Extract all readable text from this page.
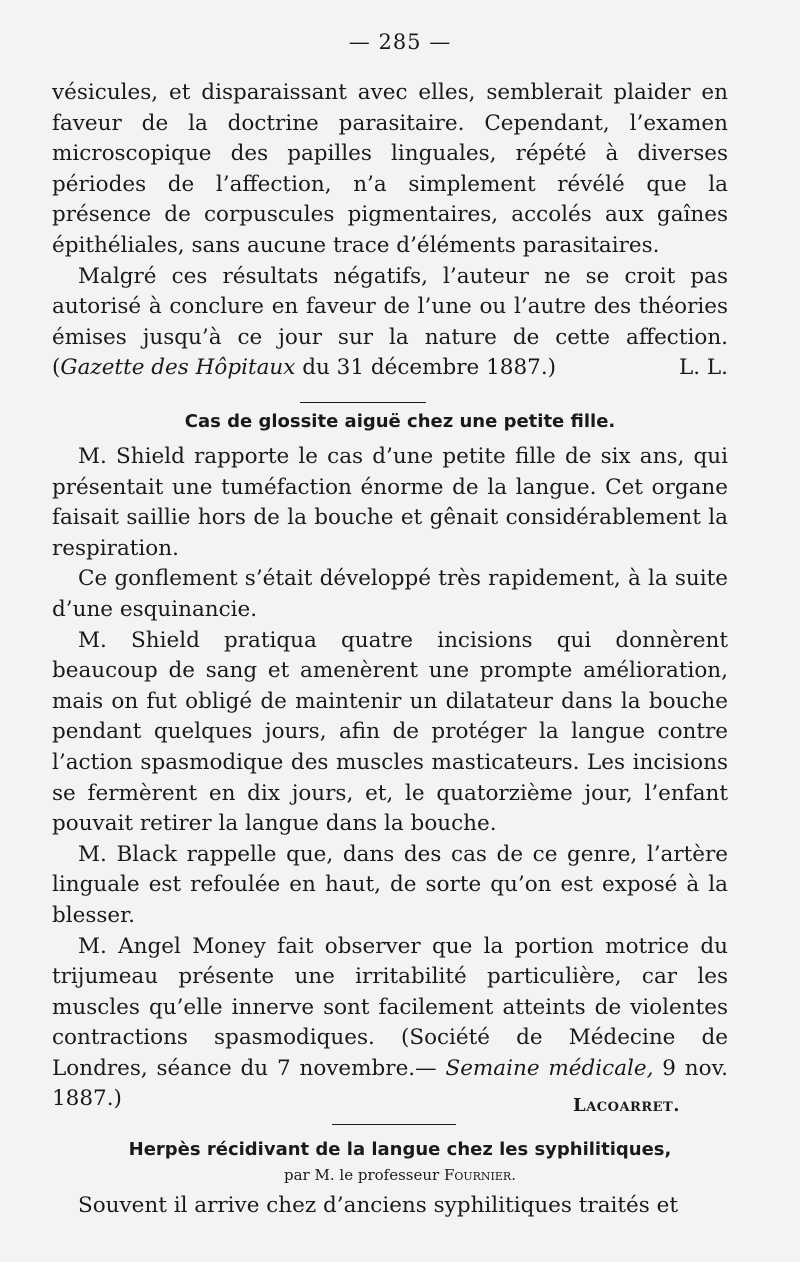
— 285 —

vésicules, et disparaissant avec elles, semblerait plaider en faveur de la doctrine parasitaire. Cependant, l’examen microscopique des papilles linguales, répété à diverses périodes de l’affection, n’a simplement révélé que la présence de corpuscules pigmentaires, accolés aux gaînes épithéliales, sans aucune trace d’éléments parasitaires.

Malgré ces résultats négatifs, l’auteur ne se croit pas autorisé à conclure en faveur de l’une ou l’autre des théories émises jusqu’à ce jour sur la nature de cette affection. (Gazette des Hôpitaux du 31 décembre 1887.)	L. L.

Cas de glossite aiguë chez une petite fille.

M. Shield rapporte le cas d’une petite fille de six ans, qui présentait une tuméfaction énorme de la langue. Cet organe faisait saillie hors de la bouche et gênait considérablement la respiration.

Ce gonflement s’était développé très rapidement, à la suite d’une esquinancie.

M. Shield pratiqua quatre incisions qui donnèrent beaucoup de sang et amenèrent une prompte amélioration, mais on fut obligé de maintenir un dilatateur dans la bouche pendant quelques jours, afin de protéger la langue contre l’action spasmodique des muscles masticateurs. Les incisions se fermèrent en dix jours, et, le quatorzième jour, l’enfant pouvait retirer la langue dans la bouche.

M. Black rappelle que, dans des cas de ce genre, l’artère linguale est refoulée en haut, de sorte qu’on est exposé à la blesser.

M. Angel Money fait observer que la portion motrice du trijumeau présente une irritabilité particulière, car les muscles qu’elle innerve sont facilement atteints de violentes contractions spasmodiques. (Société de Médecine de Londres, séance du 7 novembre.— Semaine médicale, 9 nov. 1887.)	Lacoarret.
Herpès récidivant de la langue chez les syphilitiques,
par M. le professeur Fournier.

Souvent il arrive chez d’anciens syphilitiques traités et
